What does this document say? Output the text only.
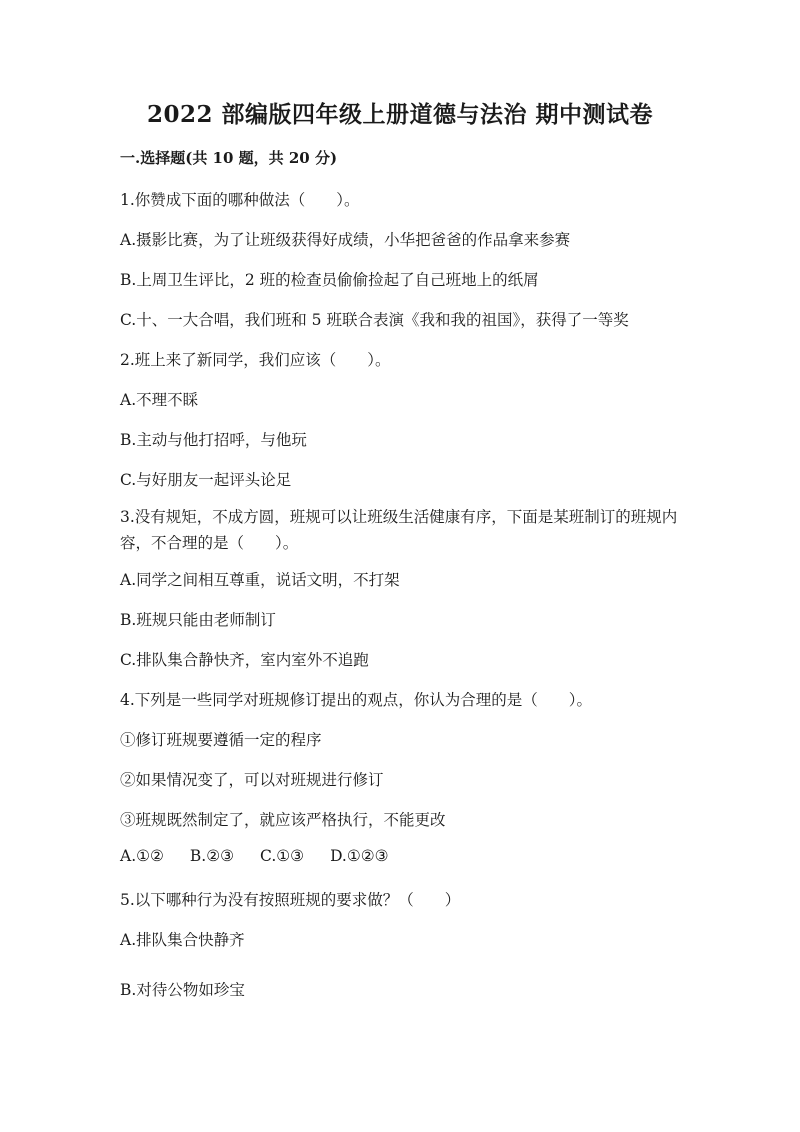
2022 部编版四年级上册道德与法治 期中测试卷
一.选择题(共 10 题，共 20 分)
1.你赞成下面的哪种做法（　　）。
A.摄影比赛，为了让班级获得好成绩，小华把爸爸的作品拿来参赛
B.上周卫生评比，2 班的检查员偷偷捡起了自己班地上的纸屑
C.十、一大合唱，我们班和 5 班联合表演《我和我的祖国》，获得了一等奖
2.班上来了新同学，我们应该（　　）。
A.不理不睬
B.主动与他打招呼，与他玩
C.与好朋友一起评头论足
3.没有规矩，不成方圆，班规可以让班级生活健康有序，下面是某班制订的班规内容，不合理的是（　　）。
A.同学之间相互尊重，说话文明，不打架
B.班规只能由老师制订
C.排队集合静快齐，室内室外不追跑
4.下列是一些同学对班规修订提出的观点，你认为合理的是（　　）。
①修订班规要遵循一定的程序
②如果情况变了，可以对班规进行修订
③班规既然制定了，就应该严格执行，不能更改
A.①② B.②③ C.①③ D.①②③
5.以下哪种行为没有按照班规的要求做？（　　）
A.排队集合快静齐
B.对待公物如珍宝
